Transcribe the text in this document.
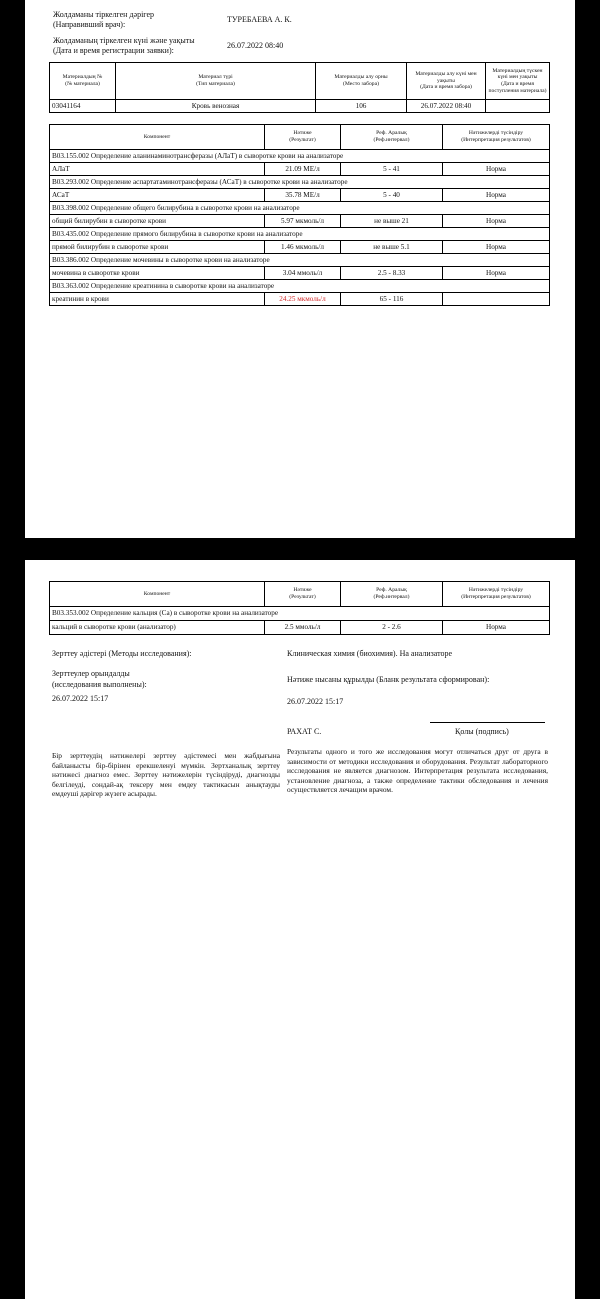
Жолдаманы тіркелген дәрігер
(Направивший врач):
ТУРЕБАЕВА А. К.
Жолдаманың тіркелген күні және уақыты
(Дата и время регистрации заявки):
26.07.2022 08:40
Материалдың №
(№ материала)	Материал түрі
(Тип материала)	Материалды алу орны
(Место забора)	Материалды алу күні мен уақыты
(Дата и время забора)	Материалдың түскен күні мен уақыты
(Дата и время поступления материала)
03041164	Кровь венозная	106	26.07.2022 08:40	
Компонент	Нәтиже
(Результат)	Реф. Аралық
(Реф.интервал)	Нәтижелерді түсіндіру
(Интерпретация результатов)
B03.155.002 Определение аланинаминотрансферазы (АЛаТ) в сыворотке крови на анализаторе			
АЛаТ	21.09 МЕ/л	5 - 41	Норма
B03.293.002 Определение аспартатаминотрансферазы (АСаТ) в сыворотке крови на анализаторе			
АСаТ	35.78 МЕ/л	5 - 40	Норма
B03.398.002 Определение общего билирубина в сыворотке крови на анализаторе			
общий билирубин в сыворотке крови	5.97 мкмоль/л	не выше 21	Норма
B03.435.002 Определение прямого билирубина в сыворотке крови на анализаторе			
прямой билирубин в сыворотке крови	1.46 мкмоль/л	не выше 5.1	Норма
B03.386.002 Определение мочевины в сыворотке крови на анализаторе			
мочевина в сыворотке крови	3.04 ммоль/л	2.5 - 8.33	Норма
B03.363.002 Определение креатинина в сыворотке крови на анализаторе			
креатинин в крови	24.25 мкмоль/л	65 - 116	
Компонент	Нәтиже
(Результат)	Реф. Аралық
(Реф.интервал)	Нәтижелерді түсіндіру
(Интерпретация результатов)
B03.353.002 Определение кальция (Ca) в сыворотке крови на анализаторе			
кальций в сыворотке крови (анализатор)	2.5 ммоль/л	2 - 2.6	Норма
Зерттеу әдістері (Методы исследования):	Клиническая химия (биохимия). На анализаторе
Зерттеулер орындалды
(исследования выполнены):
26.07.2022 15:17
Нәтиже нысаны құрылды (Бланк результата сформирован):
26.07.2022 15:17
РАХАТ С.	Қолы (подпись)
Бір зерттеудің нәтижелері зерттеу әдістемесі мен жабдығына байланысты бір-бірінен ерекшеленуі мүмкін. Зертханалық зерттеу нәтижесі диагноз емес. Зерттеу нәтижелерін түсіндіруді, диагнозды белгілеуді, сондай-ақ тексеру мен емдеу тактикасын анықтауды емдеуші дәрігер жүзеге асырады.
Результаты одного и того же исследования могут отличаться друг от друга в зависимости от методики исследования и оборудования. Результат лабораторного исследования не является диагнозом. Интерпретация результата исследования, установление диагноза, а также определение тактики обследования и лечения осуществляется лечащим врачом.
